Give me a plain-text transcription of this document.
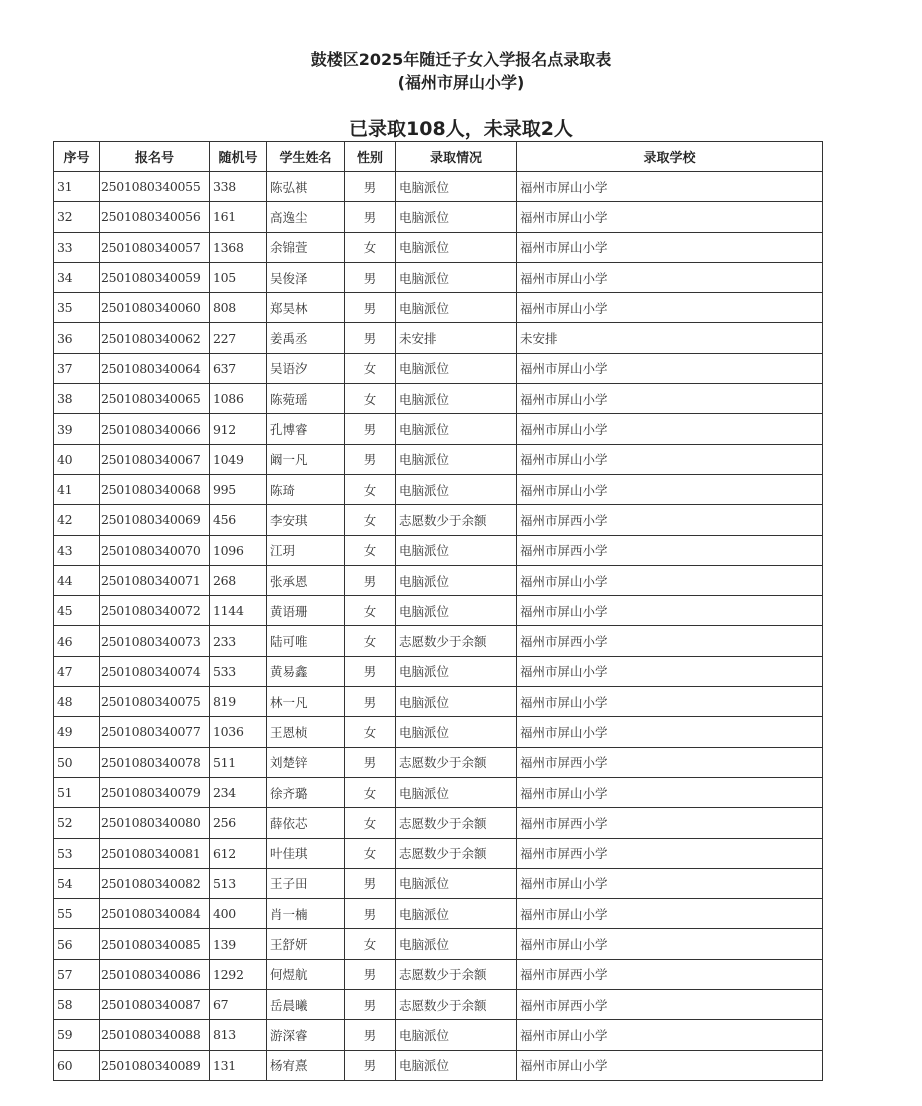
鼓楼区2025年随迁子女入学报名点录取表
(福州市屏山小学)
已录取108人，未录取2人
序号	报名号	随机号	学生姓名	性别	录取情况	录取学校
31	2501080340055	338	陈弘褀	男	电脑派位	福州市屏山小学
32	2501080340056	161	高逸尘	男	电脑派位	福州市屏山小学
33	2501080340057	1368	余锦萱	女	电脑派位	福州市屏山小学
34	2501080340059	105	吴俊泽	男	电脑派位	福州市屏山小学
35	2501080340060	808	郑昊林	男	电脑派位	福州市屏山小学
36	2501080340062	227	姜禹丞	男	未安排	未安排
37	2501080340064	637	吴语汐	女	电脑派位	福州市屏山小学
38	2501080340065	1086	陈菀瑶	女	电脑派位	福州市屏山小学
39	2501080340066	912	孔博睿	男	电脑派位	福州市屏山小学
40	2501080340067	1049	阚一凡	男	电脑派位	福州市屏山小学
41	2501080340068	995	陈琦	女	电脑派位	福州市屏山小学
42	2501080340069	456	李安琪	女	志愿数少于余额	福州市屏西小学
43	2501080340070	1096	江玥	女	电脑派位	福州市屏西小学
44	2501080340071	268	张承恩	男	电脑派位	福州市屏山小学
45	2501080340072	1144	黄语珊	女	电脑派位	福州市屏山小学
46	2501080340073	233	陆可唯	女	志愿数少于余额	福州市屏西小学
47	2501080340074	533	黄易鑫	男	电脑派位	福州市屏山小学
48	2501080340075	819	林一凡	男	电脑派位	福州市屏山小学
49	2501080340077	1036	王恩桢	女	电脑派位	福州市屏山小学
50	2501080340078	511	刘楚锌	男	志愿数少于余额	福州市屏西小学
51	2501080340079	234	徐齐璐	女	电脑派位	福州市屏山小学
52	2501080340080	256	薛依芯	女	志愿数少于余额	福州市屏西小学
53	2501080340081	612	叶佳琪	女	志愿数少于余额	福州市屏西小学
54	2501080340082	513	王子田	男	电脑派位	福州市屏山小学
55	2501080340084	400	肖一楠	男	电脑派位	福州市屏山小学
56	2501080340085	139	王舒妍	女	电脑派位	福州市屏山小学
57	2501080340086	1292	何煜航	男	志愿数少于余额	福州市屏西小学
58	2501080340087	67	岳晨曦	男	志愿数少于余额	福州市屏西小学
59	2501080340088	813	游深睿	男	电脑派位	福州市屏山小学
60	2501080340089	131	杨宥熹	男	电脑派位	福州市屏山小学
